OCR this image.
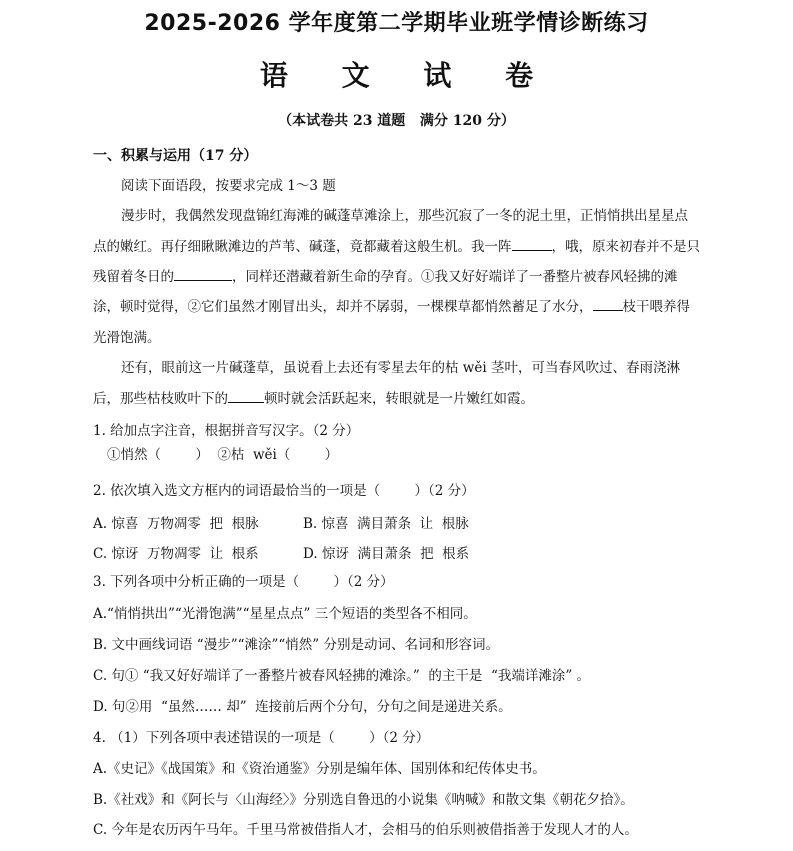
2025-2026 学年度第二学期毕业班学情诊断练习
语 文 试 卷
（本试卷共 23 道题   满分 120 分）
一、积累与运用（17 分）
阅读下面语段，按要求完成 1～3 题
漫步时，我偶然发现盘锦红海滩的碱蓬草滩涂上，那些沉寂了一冬的泥土里，正悄悄拱出星星点
点的嫩红。再仔细瞅瞅滩边的芦苇、碱蓬，竟都藏着这般生机。我一阵	，哦，原来初春并不是只
残留着冬日的	，同样还潜藏着新生命的孕育。①我又好好端详了一番整片被春风轻拂的滩
涂，顿时觉得，②它们虽然才刚冒出头，却并不孱弱，一棵棵草都悄然蓄足了水分， 枝干喂养得
光滑饱满。
还有，眼前这一片碱蓬草，虽说看上去还有零星去年的枯 wěi 茎叶，可当春风吹过、春雨浇淋
后，那些枯枝败叶下的	顿时就会活跃起来，转眼就是一片嫩红如霞。
1. 给加点字注音，根据拼音写汉字。（2 分）
①悄然（        ）  ②枯  wěi（        ）
2. 依次填入选文方框内的词语最恰当的一项是（        ）（2 分）
A. 惊喜  万物凋零  把  根脉	B. 惊喜  满目萧条  让  根脉
C. 惊讶  万物凋零  让  根系	D. 惊讶  满目萧条  把  根系
3. 下列各项中分析正确的一项是（        ）（2 分）
A.“悄悄拱出”“光滑饱满”“星星点点” 三个短语的类型各不相同。
B. 文中画线词语 “漫步”“滩涂”“悄然” 分别是动词、名词和形容词。
C. 句① “我又好好端详了一番整片被春风轻拂的滩涂。”  的主干是  “我端详滩涂” 。
D. 句②用  “虽然…… 却”  连接前后两个分句，分句之间是递进关系。
4. （1）下列各项中表述错误的一项是（        ）（2 分）
A.《史记》《战国策》和《资治通鉴》分别是编年体、国别体和纪传体史书。
B.《社戏》和《阿长与〈山海经〉》分别选自鲁迅的小说集《呐喊》和散文集《朝花夕拾》。
C. 今年是农历丙午马年。千里马常被借指人才，会相马的伯乐则被借指善于发现人才的人。
